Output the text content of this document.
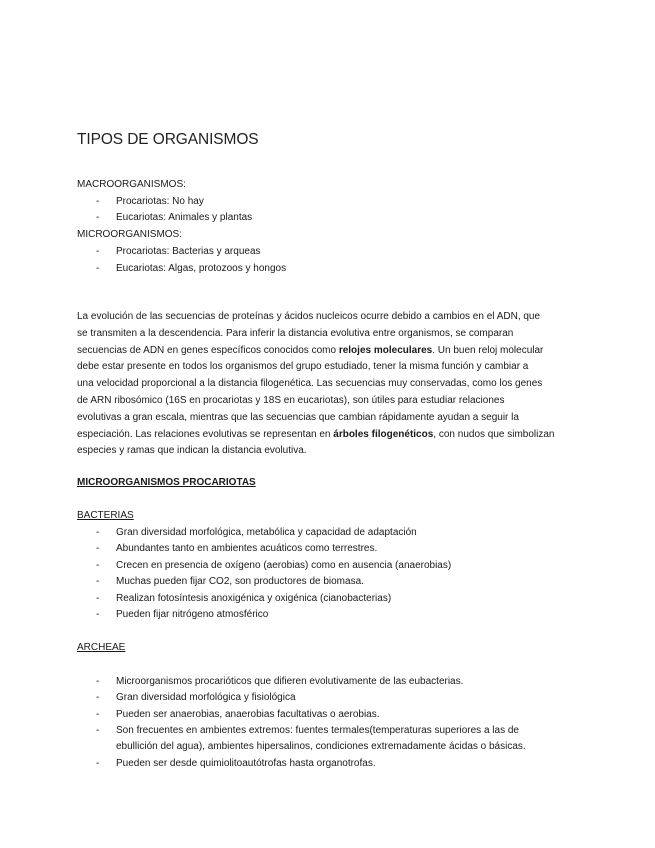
TIPOS DE ORGANISMOS
MACROORGANISMOS:
- Procariotas: No hay
- Eucariotas: Animales y plantas
MICROORGANISMOS:
- Procariotas: Bacterias y arqueas
- Eucariotas: Algas, protozoos y hongos

La evolución de las secuencias de proteínas y ácidos nucleicos ocurre debido a cambios en el ADN, que

se transmiten a la descendencia. Para inferir la distancia evolutiva entre organismos, se comparan

secuencias de ADN en genes específicos conocidos como relojes moleculares. Un buen reloj molecular

debe estar presente en todos los organismos del grupo estudiado, tener la misma función y cambiar a

una velocidad proporcional a la distancia filogenética. Las secuencias muy conservadas, como los genes

de ARN ribosómico (16S en procariotas y 18S en eucariotas), son útiles para estudiar relaciones

evolutivas a gran escala, mientras que las secuencias que cambian rápidamente ayudan a seguir la

especiación. Las relaciones evolutivas se representan en árboles filogenéticos, con nudos que simbolizan

especies y ramas que indican la distancia evolutiva.

MICROORGANISMOS PROCARIOTAS
BACTERIAS
- Gran diversidad morfológica, metabólica y capacidad de adaptación
- Abundantes tanto en ambientes acuáticos como terrestres.
- Crecen en presencia de oxígeno (aerobias) como en ausencia (anaerobias)
- Muchas pueden fijar CO2, son productores de biomasa.
- Realizan fotosíntesis anoxigénica y oxigénica (cianobacterias)
- Pueden fijar nitrógeno atmosférico
ARCHEAE
- Microorganismos procarióticos que difieren evolutivamente de las eubacterias.
- Gran diversidad morfológica y fisiológica
- Pueden ser anaerobias, anaerobias facultativas o aerobias.
- Son frecuentes en ambientes extremos: fuentes termales(temperaturas superiores a las de
ebullición del agua), ambientes hipersalinos, condiciones extremadamente ácidas o básicas.
- Pueden ser desde quimiolitoautótrofas hasta organotrofas.
